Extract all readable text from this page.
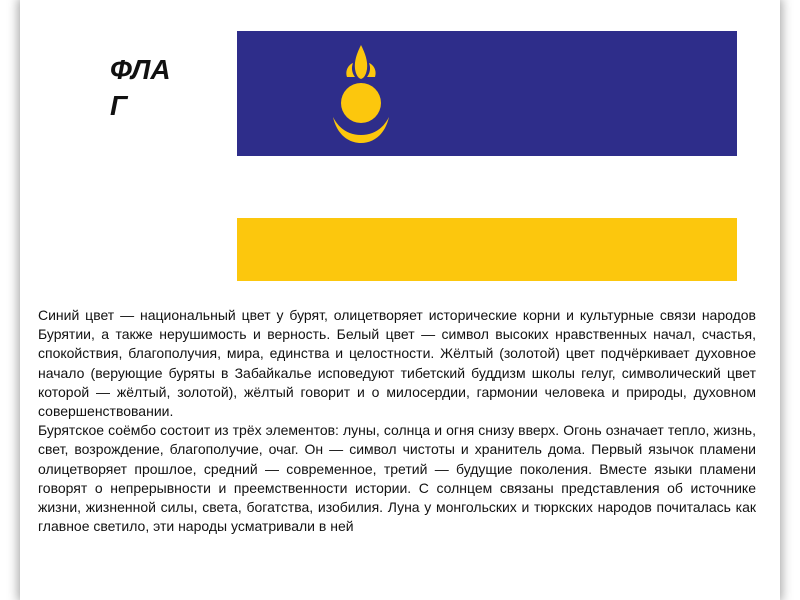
ФЛАГ

Синий цвет — национальный цвет у бурят, олицетворяет исторические корни и культурные связи народов Бурятии, а также нерушимость и верность. Белый цвет — символ высоких нравственных начал, счастья, спокойствия, благополучия, мира, единства и целостности. Жёлтый (золотой) цвет подчёркивает духовное начало (верующие буряты в Забайкалье исповедуют тибетский буддизм школы гелуг, символический цвет которой — жёлтый, золотой), жёлтый говорит и о милосердии, гармонии человека и природы, духовном совершенствовании.

Бурятское соёмбо состоит из трёх элементов: луны, солнца и огня снизу вверх. Огонь означает тепло, жизнь, свет, возрождение, благополучие, очаг. Он — символ чистоты и хранитель дома. Первый язычок пламени олицетворяет прошлое, средний — современное, третий — будущие поколения. Вместе языки пламени говорят о непрерывности и преемственности истории. С солнцем связаны представления об источнике жизни, жизненной силы, света, богатства, изобилия. Луна у монгольских и тюркских народов почиталась как главное светило, эти народы усматривали в ней
